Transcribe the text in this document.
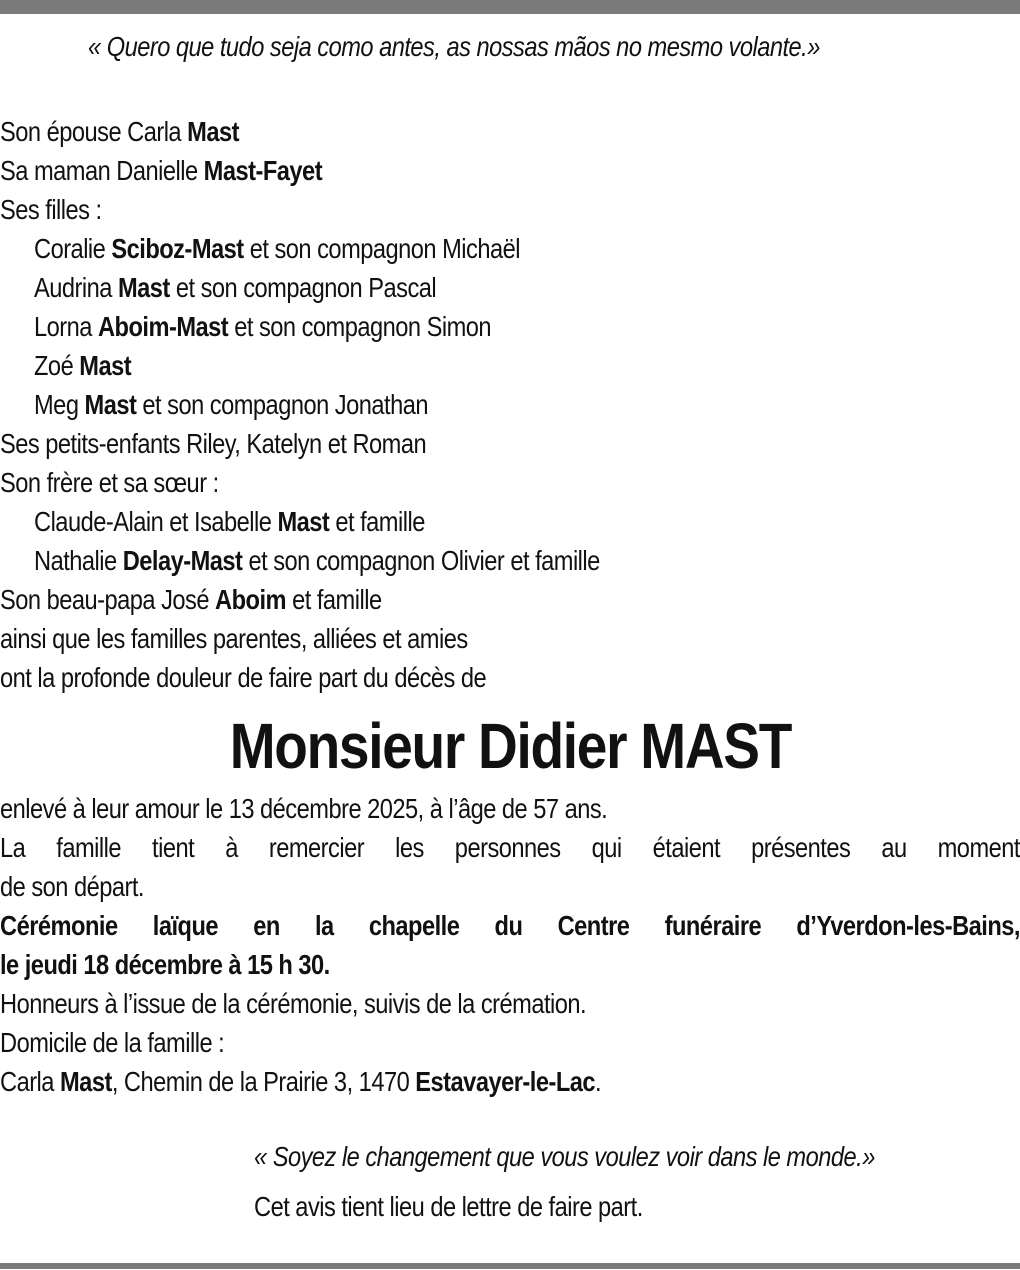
« Quero que tudo seja como antes, as nossas mãos no mesmo volante.»
Son épouse Carla Mast
Sa maman Danielle Mast-Fayet
Ses filles :
Coralie Sciboz-Mast et son compagnon Michaël
Audrina Mast et son compagnon Pascal
Lorna Aboim-Mast et son compagnon Simon
Zoé Mast
Meg Mast et son compagnon Jonathan
Ses petits-enfants Riley, Katelyn et Roman
Son frère et sa sœur :
Claude-Alain et Isabelle Mast et famille
Nathalie Delay-Mast et son compagnon Olivier et famille
Son beau-papa José Aboim et famille
ainsi que les familles parentes, alliées et amies
ont la profonde douleur de faire part du décès de
Monsieur Didier MAST
enlevé à leur amour le 13 décembre 2025, à l’âge de 57 ans.
La famille tient à remercier les personnes qui étaient présentes au moment
de son départ.
Cérémonie laïque en la chapelle du Centre funéraire d’Yverdon-les-Bains,
le jeudi 18 décembre à 15 h 30.
Honneurs à l’issue de la cérémonie, suivis de la crémation.
Domicile de la famille :
Carla Mast, Chemin de la Prairie 3, 1470 Estavayer-le-Lac.
« Soyez le changement que vous voulez voir dans le monde.»
Cet avis tient lieu de lettre de faire part.
